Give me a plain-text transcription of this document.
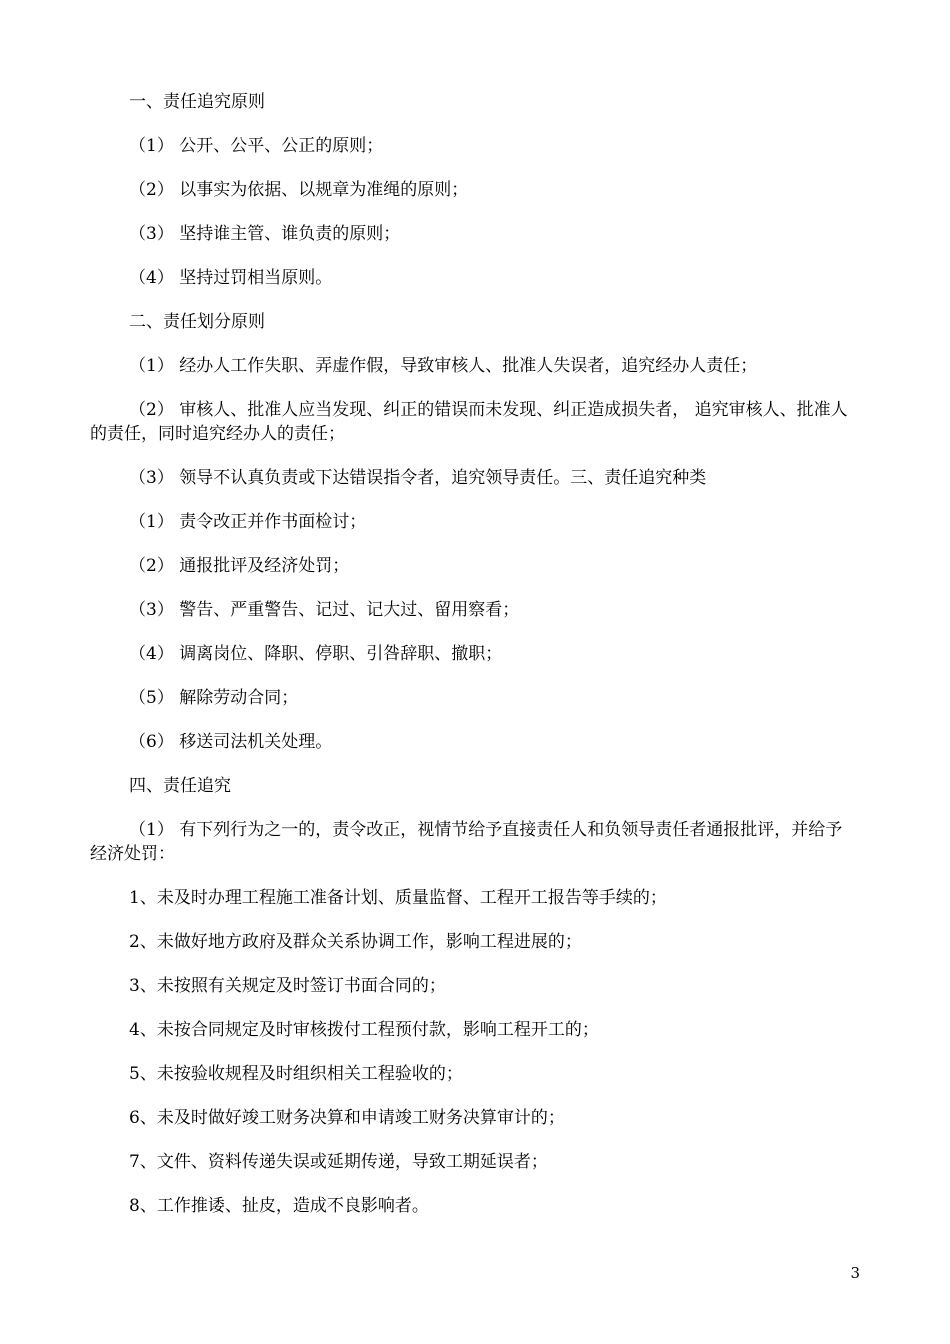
一、责任追究原则

（1） 公开、公平、公正的原则；

（2） 以事实为依据、以规章为准绳的原则；

（3） 坚持谁主管、谁负责的原则；

（4） 坚持过罚相当原则。

二、责任划分原则

（1） 经办人工作失职、弄虚作假，导致审核人、批准人失误者，追究经办人责任；

（2） 审核人、批准人应当发现、纠正的错误而未发现、纠正造成损失者， 追究审核人、批准人的责任，同时追究经办人的责任；

（3） 领导不认真负责或下达错误指令者，追究领导责任。三、责任追究种类

（1） 责令改正并作书面检讨；

（2） 通报批评及经济处罚；

（3） 警告、严重警告、记过、记大过、留用察看；

（4） 调离岗位、降职、停职、引咎辞职、撤职；

（5） 解除劳动合同；

（6） 移送司法机关处理。

四、责任追究

（1） 有下列行为之一的，责令改正，视情节给予直接责任人和负领导责任者通报批评，并给予经济处罚：

1、未及时办理工程施工准备计划、质量监督、工程开工报告等手续的；

2、未做好地方政府及群众关系协调工作，影响工程进展的；

3、未按照有关规定及时签订书面合同的；

4、未按合同规定及时审核拨付工程预付款，影响工程开工的；

5、未按验收规程及时组织相关工程验收的；

6、未及时做好竣工财务决算和申请竣工财务决算审计的；

7、文件、资料传递失误或延期传递，导致工期延误者；

8、工作推诿、扯皮，造成不良影响者。

3
